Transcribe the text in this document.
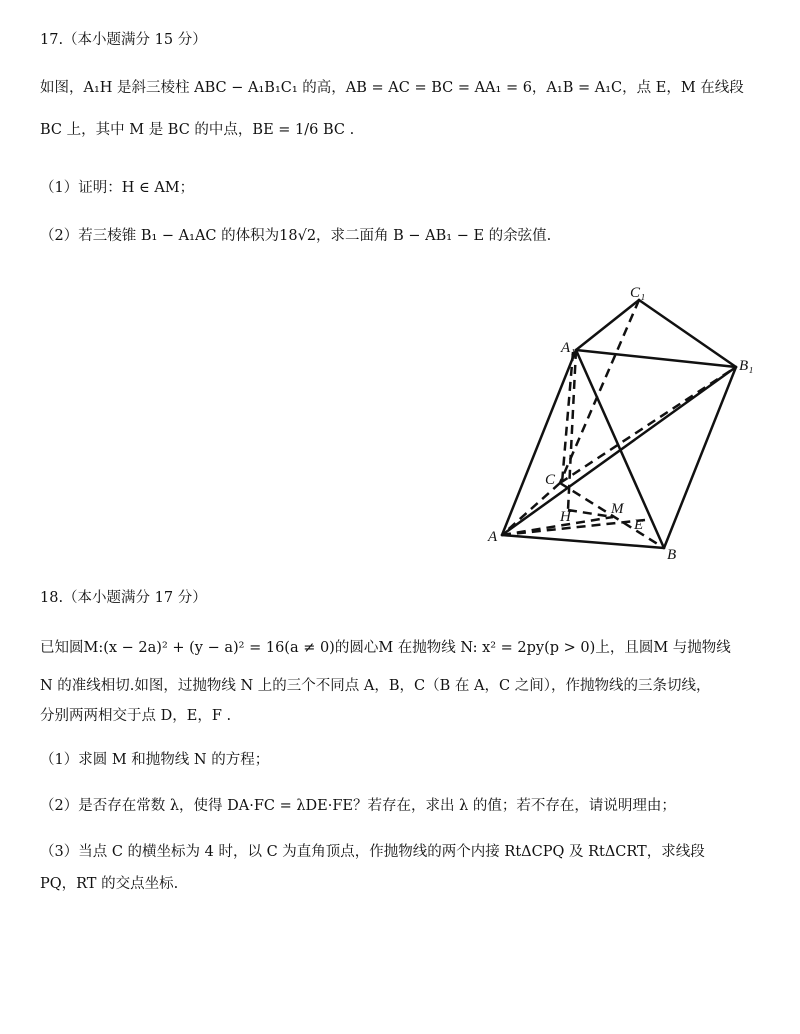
17.（本小题满分 15 分）
如图，A₁H 是斜三棱柱 ABC − A₁B₁C₁ 的高，AB = AC = BC = AA₁ = 6，A₁B = A₁C，点 E，M 在线段
BC 上，其中 M 是 BC 的中点，BE = 1/6 BC .
（1）证明：H ∈ AM；
（2）若三棱锥 B₁ − A₁AC 的体积为18√2，求二面角 B − AB₁ − E 的余弦值.
C₁
A₁
B₁
C
M
H	E
A
B
18.（本小题满分 17 分）
已知圆M:(x − 2a)² + (y − a)² = 16(a ≠ 0)的圆心M 在抛物线 N: x² = 2py(p > 0)上，且圆M 与抛物线
N 的准线相切.如图，过抛物线 N 上的三个不同点 A，B，C（B 在 A，C 之间），作抛物线的三条切线，
分别两两相交于点 D，E，F .
（1）求圆 M 和抛物线 N 的方程；
（2）是否存在常数 λ，使得 DA·FC = λDE·FE？若存在，求出 λ 的值；若不存在，请说明理由；
（3）当点 C 的横坐标为 4 时，以 C 为直角顶点，作抛物线的两个内接 RtΔCPQ 及 RtΔCRT，求线段
PQ，RT 的交点坐标.
